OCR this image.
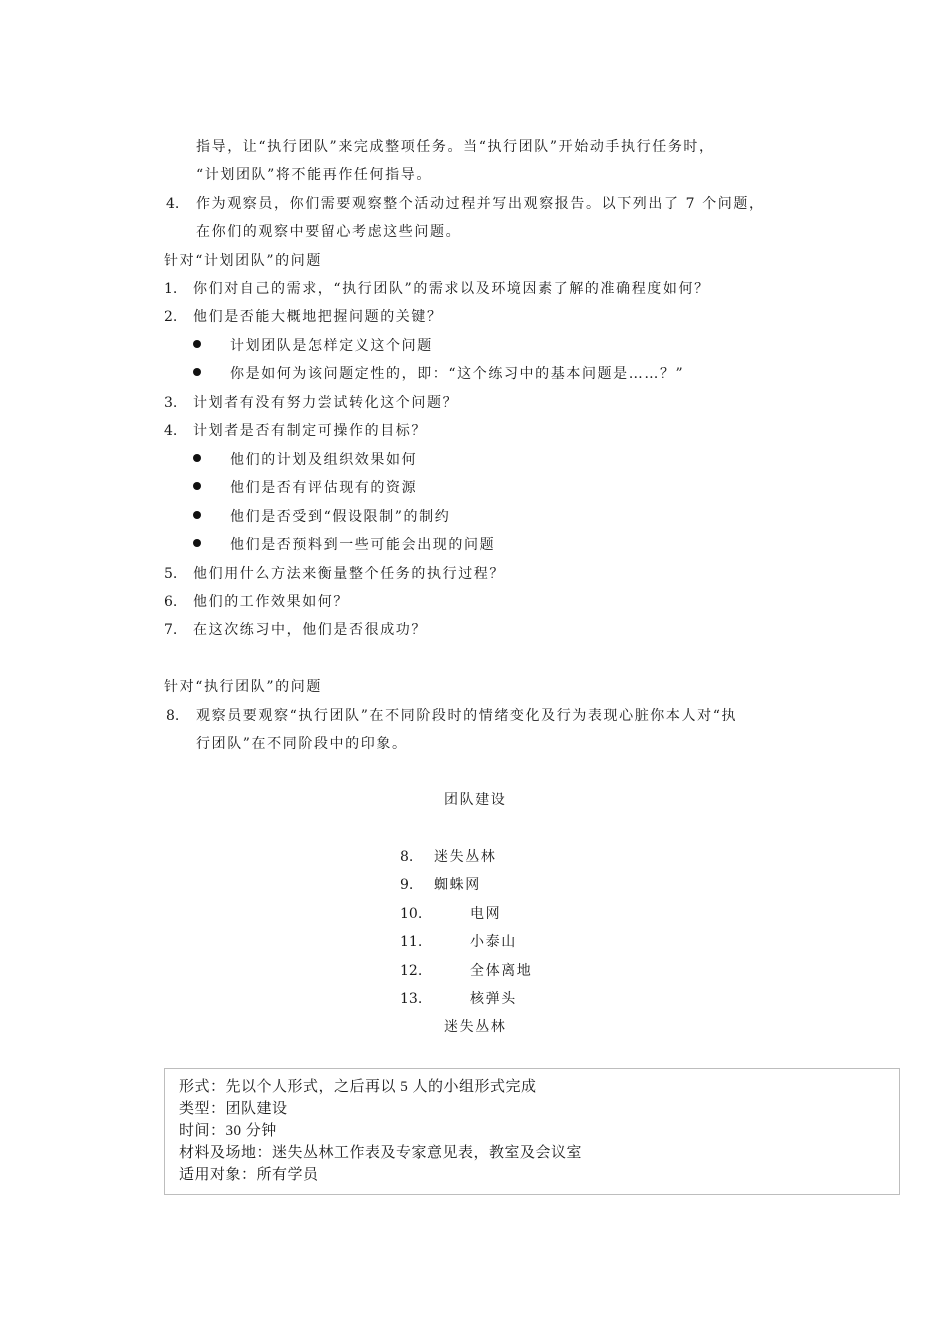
指导，让“执行团队”来完成整项任务。当“执行团队”开始动手执行任务时，
“计划团队”将不能再作任何指导。
4. 作为观察员，你们需要观察整个活动过程并写出观察报告。以下列出了 7 个问题，
在你们的观察中要留心考虑这些问题。
针对“计划团队”的问题
1. 你们对自己的需求，“执行团队”的需求以及环境因素了解的准确程度如何？
2. 他们是否能大概地把握问题的关键？
计划团队是怎样定义这个问题
你是如何为该问题定性的，即：“这个练习中的基本问题是……？”
3. 计划者有没有努力尝试转化这个问题？
4. 计划者是否有制定可操作的目标？
他们的计划及组织效果如何
他们是否有评估现有的资源
他们是否受到“假设限制”的制约
他们是否预料到一些可能会出现的问题
5. 他们用什么方法来衡量整个任务的执行过程？
6. 他们的工作效果如何？
7. 在这次练习中，他们是否很成功？
针对“执行团队”的问题
8. 观察员要观察“执行团队”在不同阶段时的情绪变化及行为表现心脏你本人对“执
行团队”在不同阶段中的印象。
团队建设
8. 迷失丛林
9. 蜘蛛网
10.	电网
11.	小泰山
12.	全体离地
13.	核弹头
迷失丛林
形式：先以个人形式，之后再以 5 人的小组形式完成
类型：团队建设
时间：30 分钟
材料及场地：迷失丛林工作表及专家意见表，教室及会议室
适用对象：所有学员
